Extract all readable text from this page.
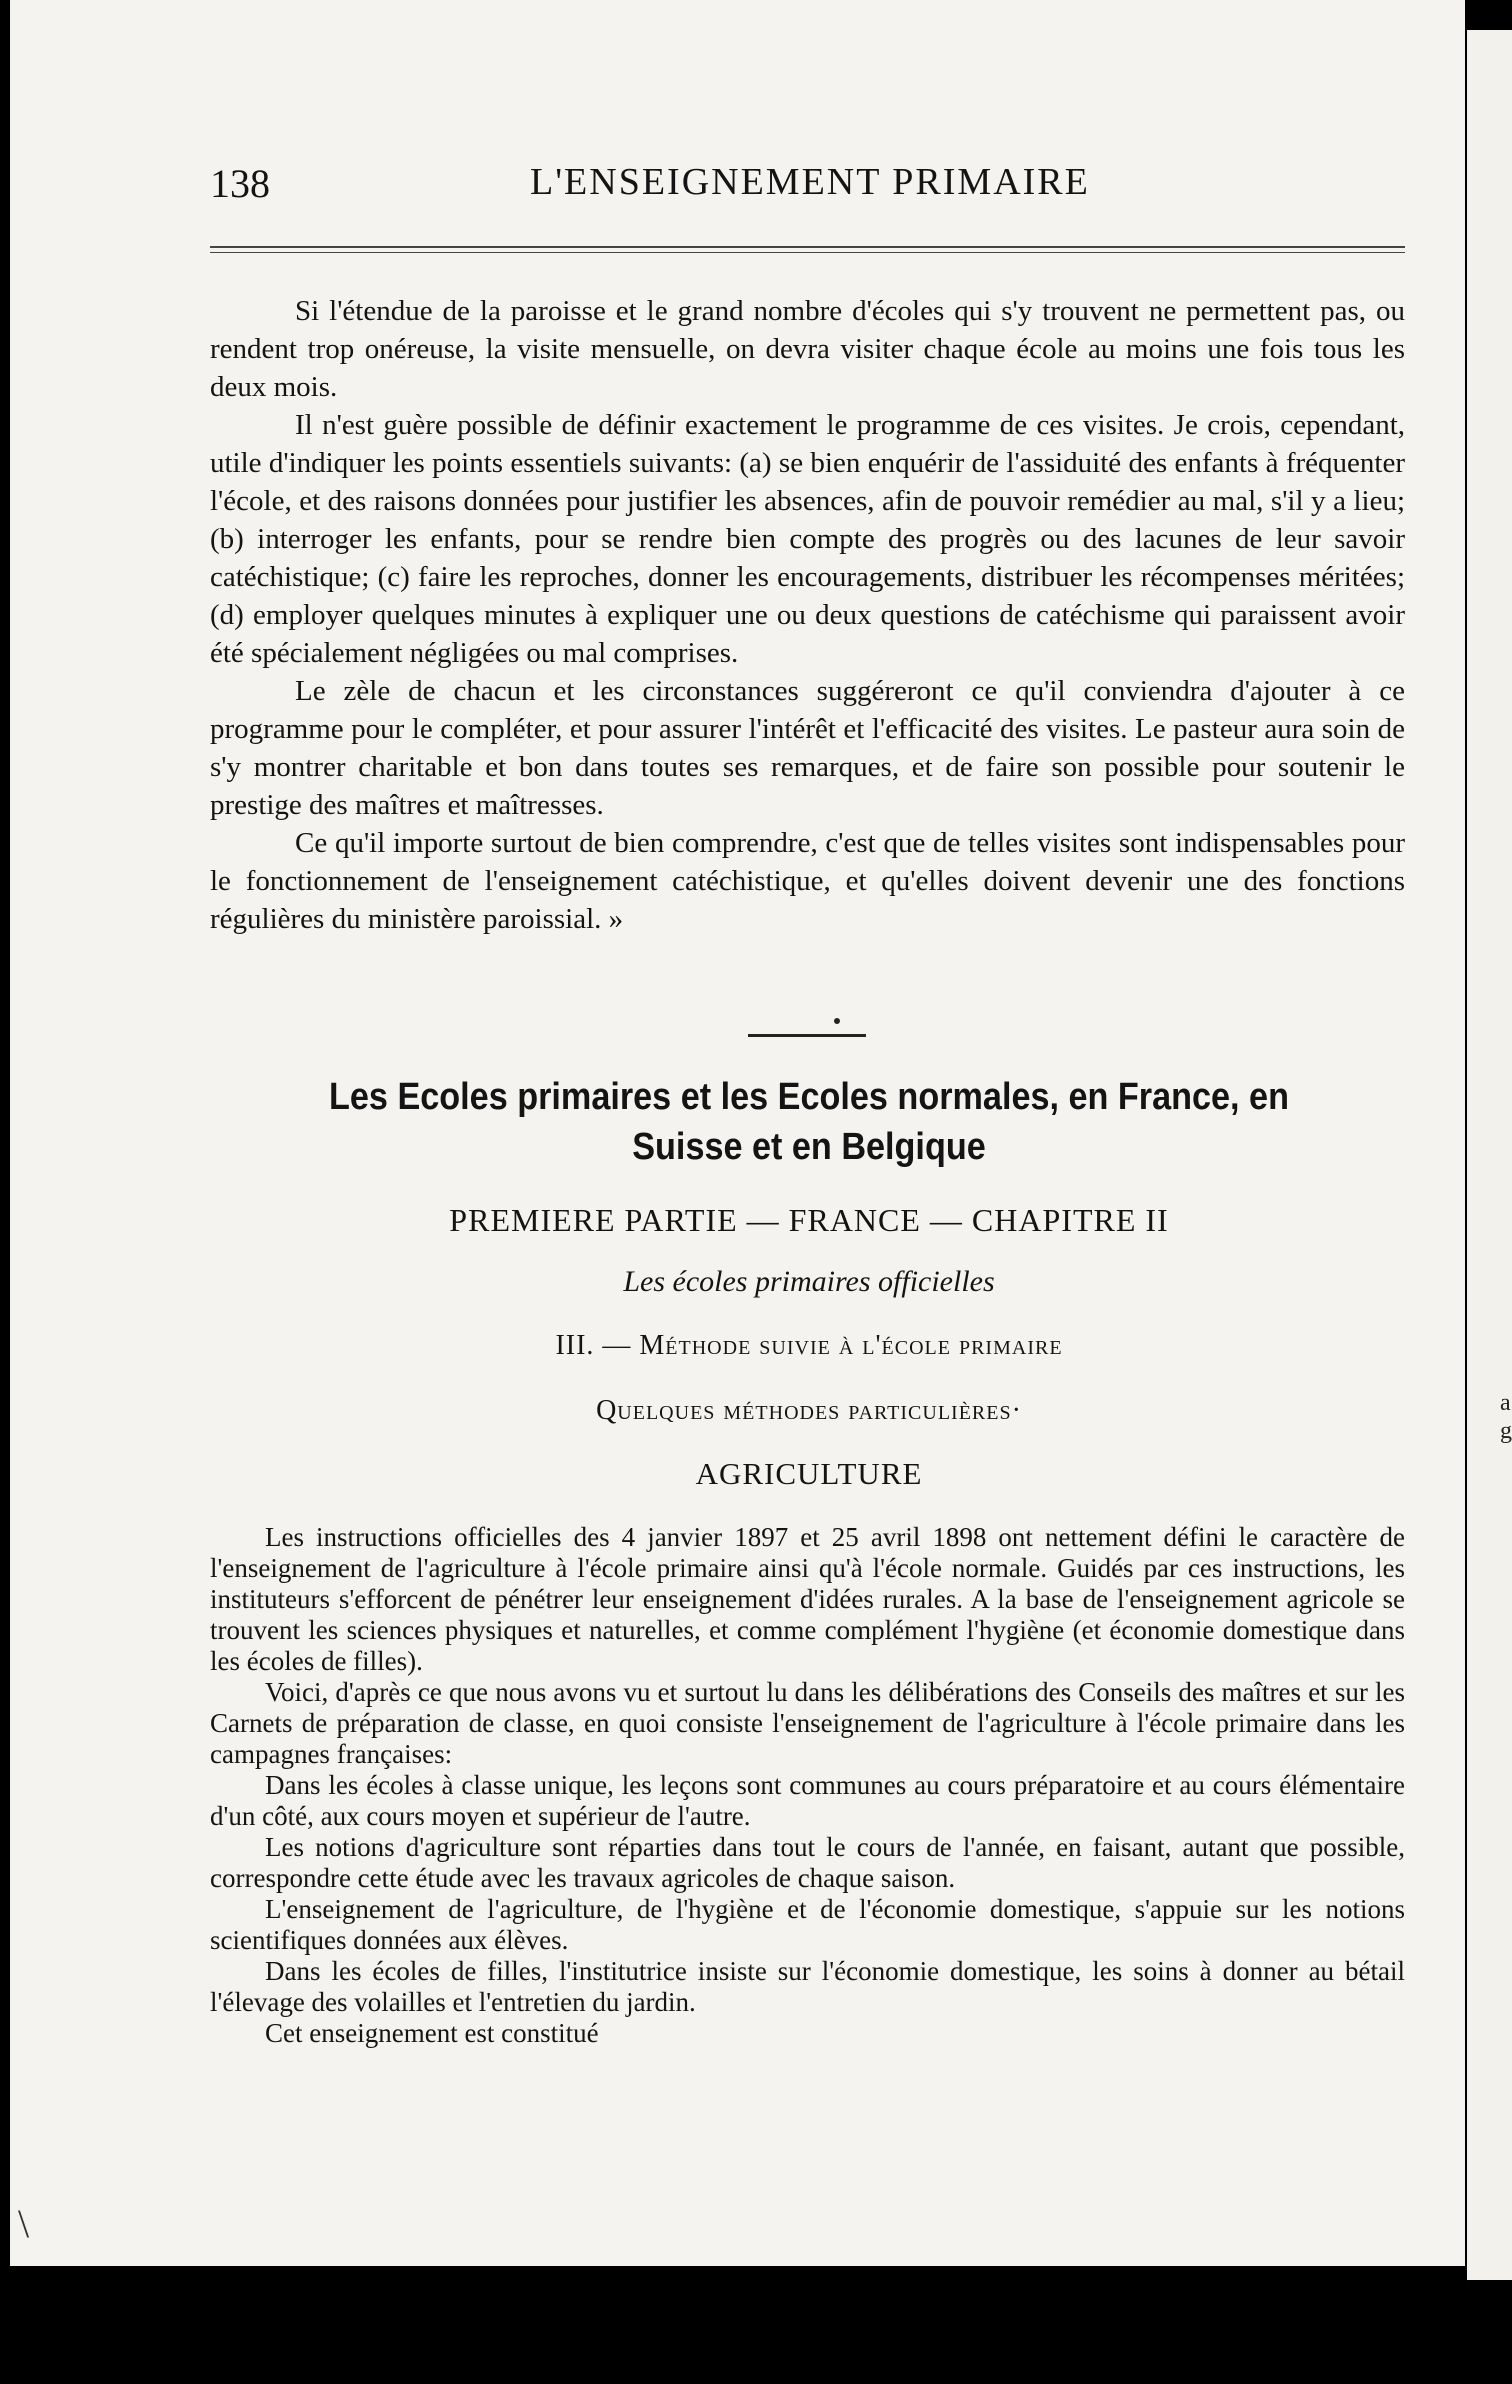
a
g
138	L'ENSEIGNEMENT PRIMAIRE

Si l'étendue de la paroisse et le grand nombre d'écoles qui s'y trouvent ne permettent pas, ou rendent trop onéreuse, la visite mensuelle, on devra visiter chaque école au moins une fois tous les deux mois.

Il n'est guère possible de définir exactement le programme de ces visites. Je crois, cependant, utile d'indiquer les points essentiels suivants: (a) se bien enquérir de l'assiduité des enfants à fréquenter l'école, et des raisons données pour justifier les absences, afin de pouvoir remédier au mal, s'il y a lieu; (b) interroger les enfants, pour se rendre bien compte des progrès ou des lacunes de leur savoir catéchistique; (c) faire les reproches, donner les encouragements, distribuer les récompenses méritées; (d) employer quelques minutes à expliquer une ou deux questions de catéchisme qui paraissent avoir été spécialement négligées ou mal comprises.

Le zèle de chacun et les circonstances suggéreront ce qu'il conviendra d'ajouter à ce programme pour le compléter, et pour assurer l'intérêt et l'efficacité des visites. Le pasteur aura soin de s'y montrer charitable et bon dans toutes ses remarques, et de faire son possible pour soutenir le prestige des maîtres et maîtresses.

Ce qu'il importe surtout de bien comprendre, c'est que de telles visites sont indispensables pour le fonctionnement de l'enseignement catéchistique, et qu'elles doivent devenir une des fonctions régulières du ministère paroissial. »

Les Ecoles primaires et les Ecoles normales, en France, en Suisse et en Belgique
PREMIERE PARTIE — FRANCE — CHAPITRE II
Les écoles primaires officielles
III. — Méthode suivie à l'école primaire
Quelques méthodes particulières·
AGRICULTURE

Les instructions officielles des 4 janvier 1897 et 25 avril 1898 ont nettement défini le caractère de l'enseignement de l'agriculture à l'école primaire ainsi qu'à l'école normale. Guidés par ces instructions, les instituteurs s'efforcent de pénétrer leur enseignement d'idées rurales. A la base de l'enseignement agricole se trouvent les sciences physiques et naturelles, et comme complément l'hygiène (et économie domestique dans les écoles de filles).

Voici, d'après ce que nous avons vu et surtout lu dans les délibérations des Conseils des maîtres et sur les Carnets de préparation de classe, en quoi consiste l'enseignement de l'agriculture à l'école primaire dans les campagnes françaises:

Dans les écoles à classe unique, les leçons sont communes au cours préparatoire et au cours élémentaire d'un côté, aux cours moyen et supérieur de l'autre.

Les notions d'agriculture sont réparties dans tout le cours de l'année, en faisant, autant que possible, correspondre cette étude avec les travaux agricoles de chaque saison.

L'enseignement de l'agriculture, de l'hygiène et de l'économie domestique, s'appuie sur les notions scientifiques données aux élèves.

Dans les écoles de filles, l'institutrice insiste sur l'économie domestique, les soins à donner au bétail l'élevage des volailles et l'entretien du jardin.

Cet enseignement est constitué

\
